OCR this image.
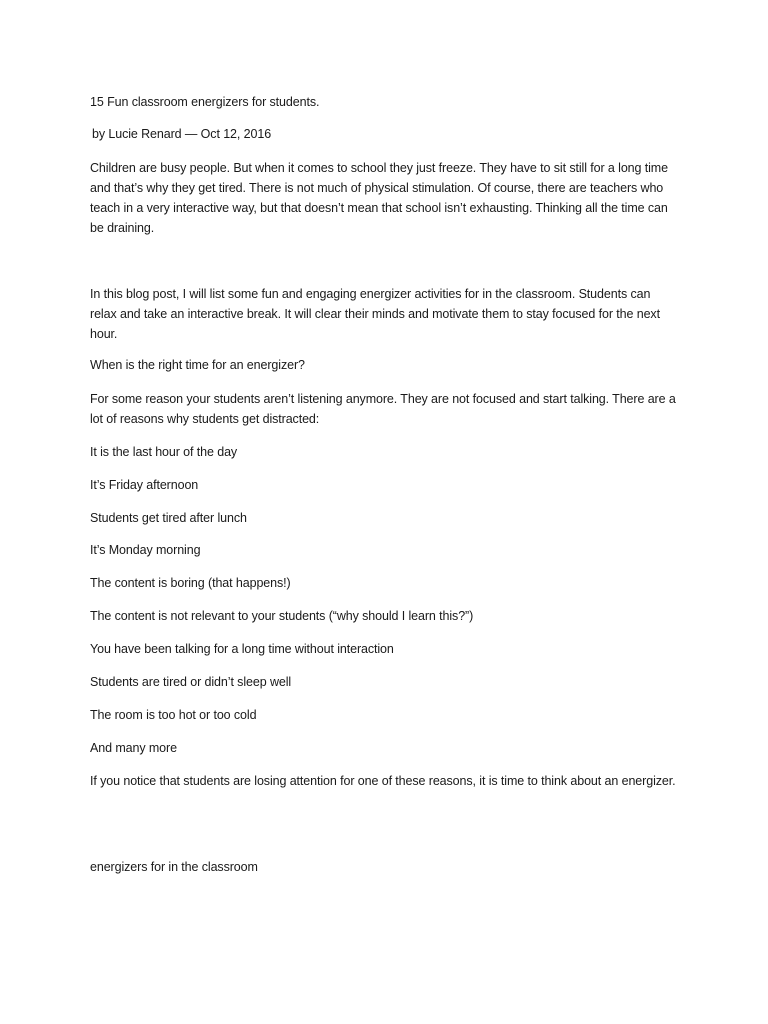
15 Fun classroom energizers for students.
by Lucie Renard — Oct 12, 2016
Children are busy people. But when it comes to school they just freeze. They have to sit still for a long time and that’s why they get tired. There is not much of physical stimulation. Of course, there are teachers who teach in a very interactive way, but that doesn’t mean that school isn’t exhausting. Thinking all the time can be draining.
In this blog post, I will list some fun and engaging energizer activities for in the classroom. Students can relax and take an interactive break. It will clear their minds and motivate them to stay focused for the next hour.
When is the right time for an energizer?
For some reason your students aren’t listening anymore. They are not focused and start talking. There are a lot of reasons why students get distracted:
It is the last hour of the day
It’s Friday afternoon
Students get tired after lunch
It’s Monday morning
The content is boring (that happens!)
The content is not relevant to your students (“why should I learn this?”)
You have been talking for a long time without interaction
Students are tired or didn’t sleep well
The room is too hot or too cold
And many more
If you notice that students are losing attention for one of these reasons, it is time to think about an energizer.
energizers for in the classroom
